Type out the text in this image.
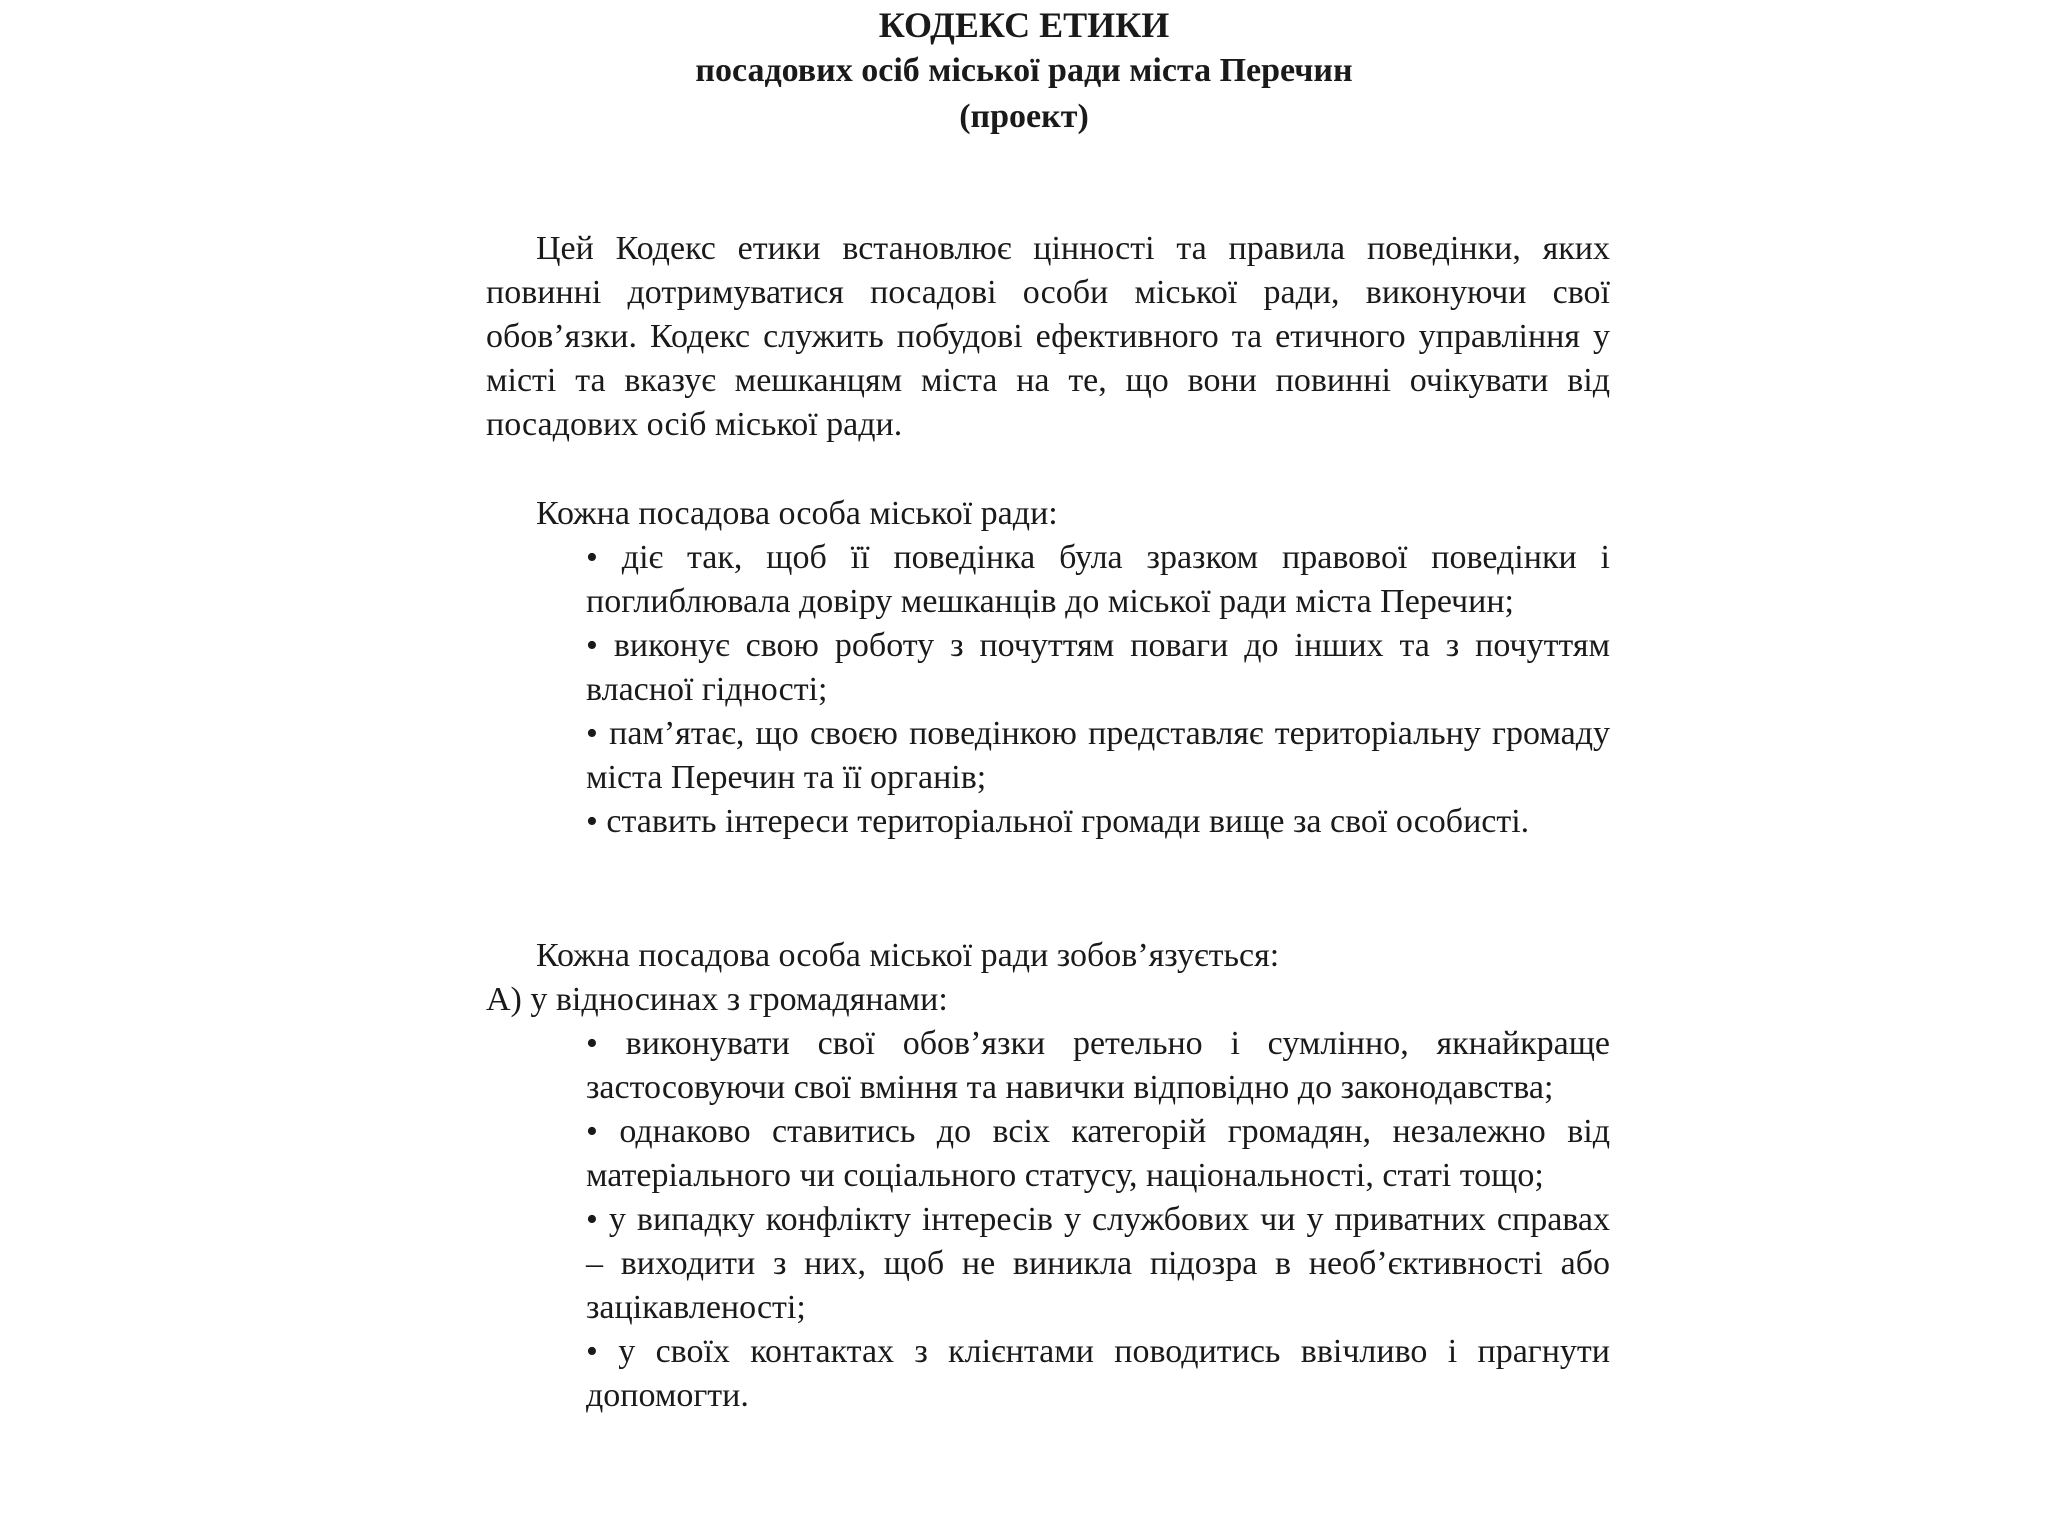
КОДЕКС ЕТИКИ
посадових осіб міської ради міста Перечин
(проект)
Цей Кодекс етики встановлює цінності та правила поведінки, яких повинні дотримуватися посадові особи міської ради, виконуючи свої обов’язки. Кодекс служить побудові ефективного та етичного управління у місті та вказує мешканцям міста на те, що вони повинні очікувати від посадових осіб міської ради.
Кожна посадова особа міської ради:
• діє так, щоб її поведінка була зразком правової поведінки і поглиблювала довіру мешканців до міської ради міста Перечин;
• виконує свою роботу з почуттям поваги до інших та з почуттям власної гідності;
• пам’ятає, що своєю поведінкою представляє територіальну громаду міста Перечин та її органів;
• ставить інтереси територіальної громади вище за свої особисті.
Кожна посадова особа міської ради зобов’язується:
А) у відносинах з громадянами:
• виконувати свої обов’язки ретельно і сумлінно, якнайкраще застосовуючи свої вміння та навички відповідно до законодавства;
• однаково ставитись до всіх категорій громадян, незалежно від матеріального чи соціального статусу, національності, статі тощо;
• у випадку конфлікту інтересів у службових чи у приватних справах – виходити з них, щоб не виникла підозра в необ’єктивності або зацікавленості;
• у своїх контактах з клієнтами поводитись ввічливо і прагнути допомогти.
